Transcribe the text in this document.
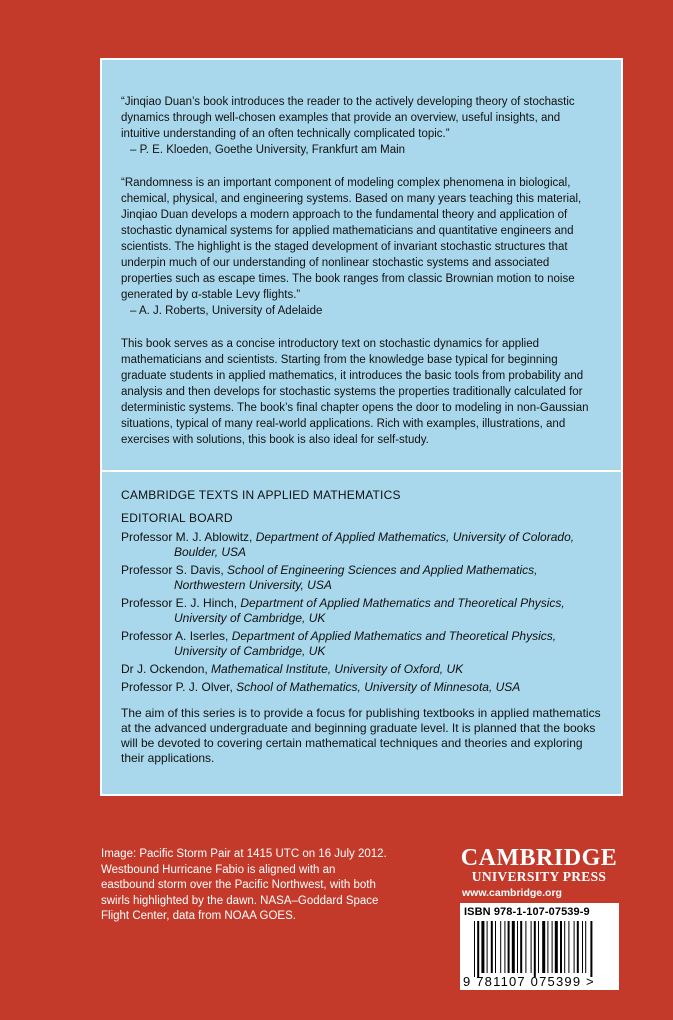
“Jinqiao Duan’s book introduces the reader to the actively developing theory of stochastic dynamics through well-chosen examples that provide an overview, useful insights, and intuitive understanding of an often technically complicated topic.”

– P. E. Kloeden, Goethe University, Frankfurt am Main

“Randomness is an important component of modeling complex phenomena in biological, chemical, physical, and engineering systems. Based on many years teaching this material, Jinqiao Duan develops a modern approach to the fundamental theory and application of stochastic dynamical systems for applied mathematicians and quantitative engineers and scientists. The highlight is the staged development of invariant stochastic structures that underpin much of our understanding of nonlinear stochastic systems and associated properties such as escape times. The book ranges from classic Brownian motion to noise generated by α-stable Levy flights.”

– A. J. Roberts, University of Adelaide

This book serves as a concise introductory text on stochastic dynamics for applied mathematicians and scientists. Starting from the knowledge base typical for beginning graduate students in applied mathematics, it introduces the basic tools from probability and analysis and then develops for stochastic systems the properties traditionally calculated for deterministic systems. The book’s final chapter opens the door to modeling in non-Gaussian situations, typical of many real-world applications. Rich with examples, illustrations, and exercises with solutions, this book is also ideal for self-study.

CAMBRIDGE TEXTS IN APPLIED MATHEMATICS

EDITORIAL BOARD

Professor M. J. Ablowitz, Department of Applied Mathematics, University of Colorado, Boulder, USA

Professor S. Davis, School of Engineering Sciences and Applied Mathematics, Northwestern University, USA

Professor E. J. Hinch, Department of Applied Mathematics and Theoretical Physics, University of Cambridge, UK

Professor A. Iserles, Department of Applied Mathematics and Theoretical Physics, University of Cambridge, UK

Dr J. Ockendon, Mathematical Institute, University of Oxford, UK

Professor P. J. Olver, School of Mathematics, University of Minnesota, USA

The aim of this series is to provide a focus for publishing textbooks in applied mathematics at the advanced undergraduate and beginning graduate level. It is planned that the books will be devoted to covering certain mathematical techniques and theories and exploring their applications.

Image: Pacific Storm Pair at 1415 UTC on 16 July 2012. Westbound Hurricane Fabio is aligned with an eastbound storm over the Pacific Northwest, with both swirls highlighted by the dawn. NASA–Goddard Space Flight Center, data from NOAA GOES.
CAMBRIDGE
UNIVERSITY PRESS
www.cambridge.org
ISBN 978-1-107-07539-9
9 781107 075399 >
